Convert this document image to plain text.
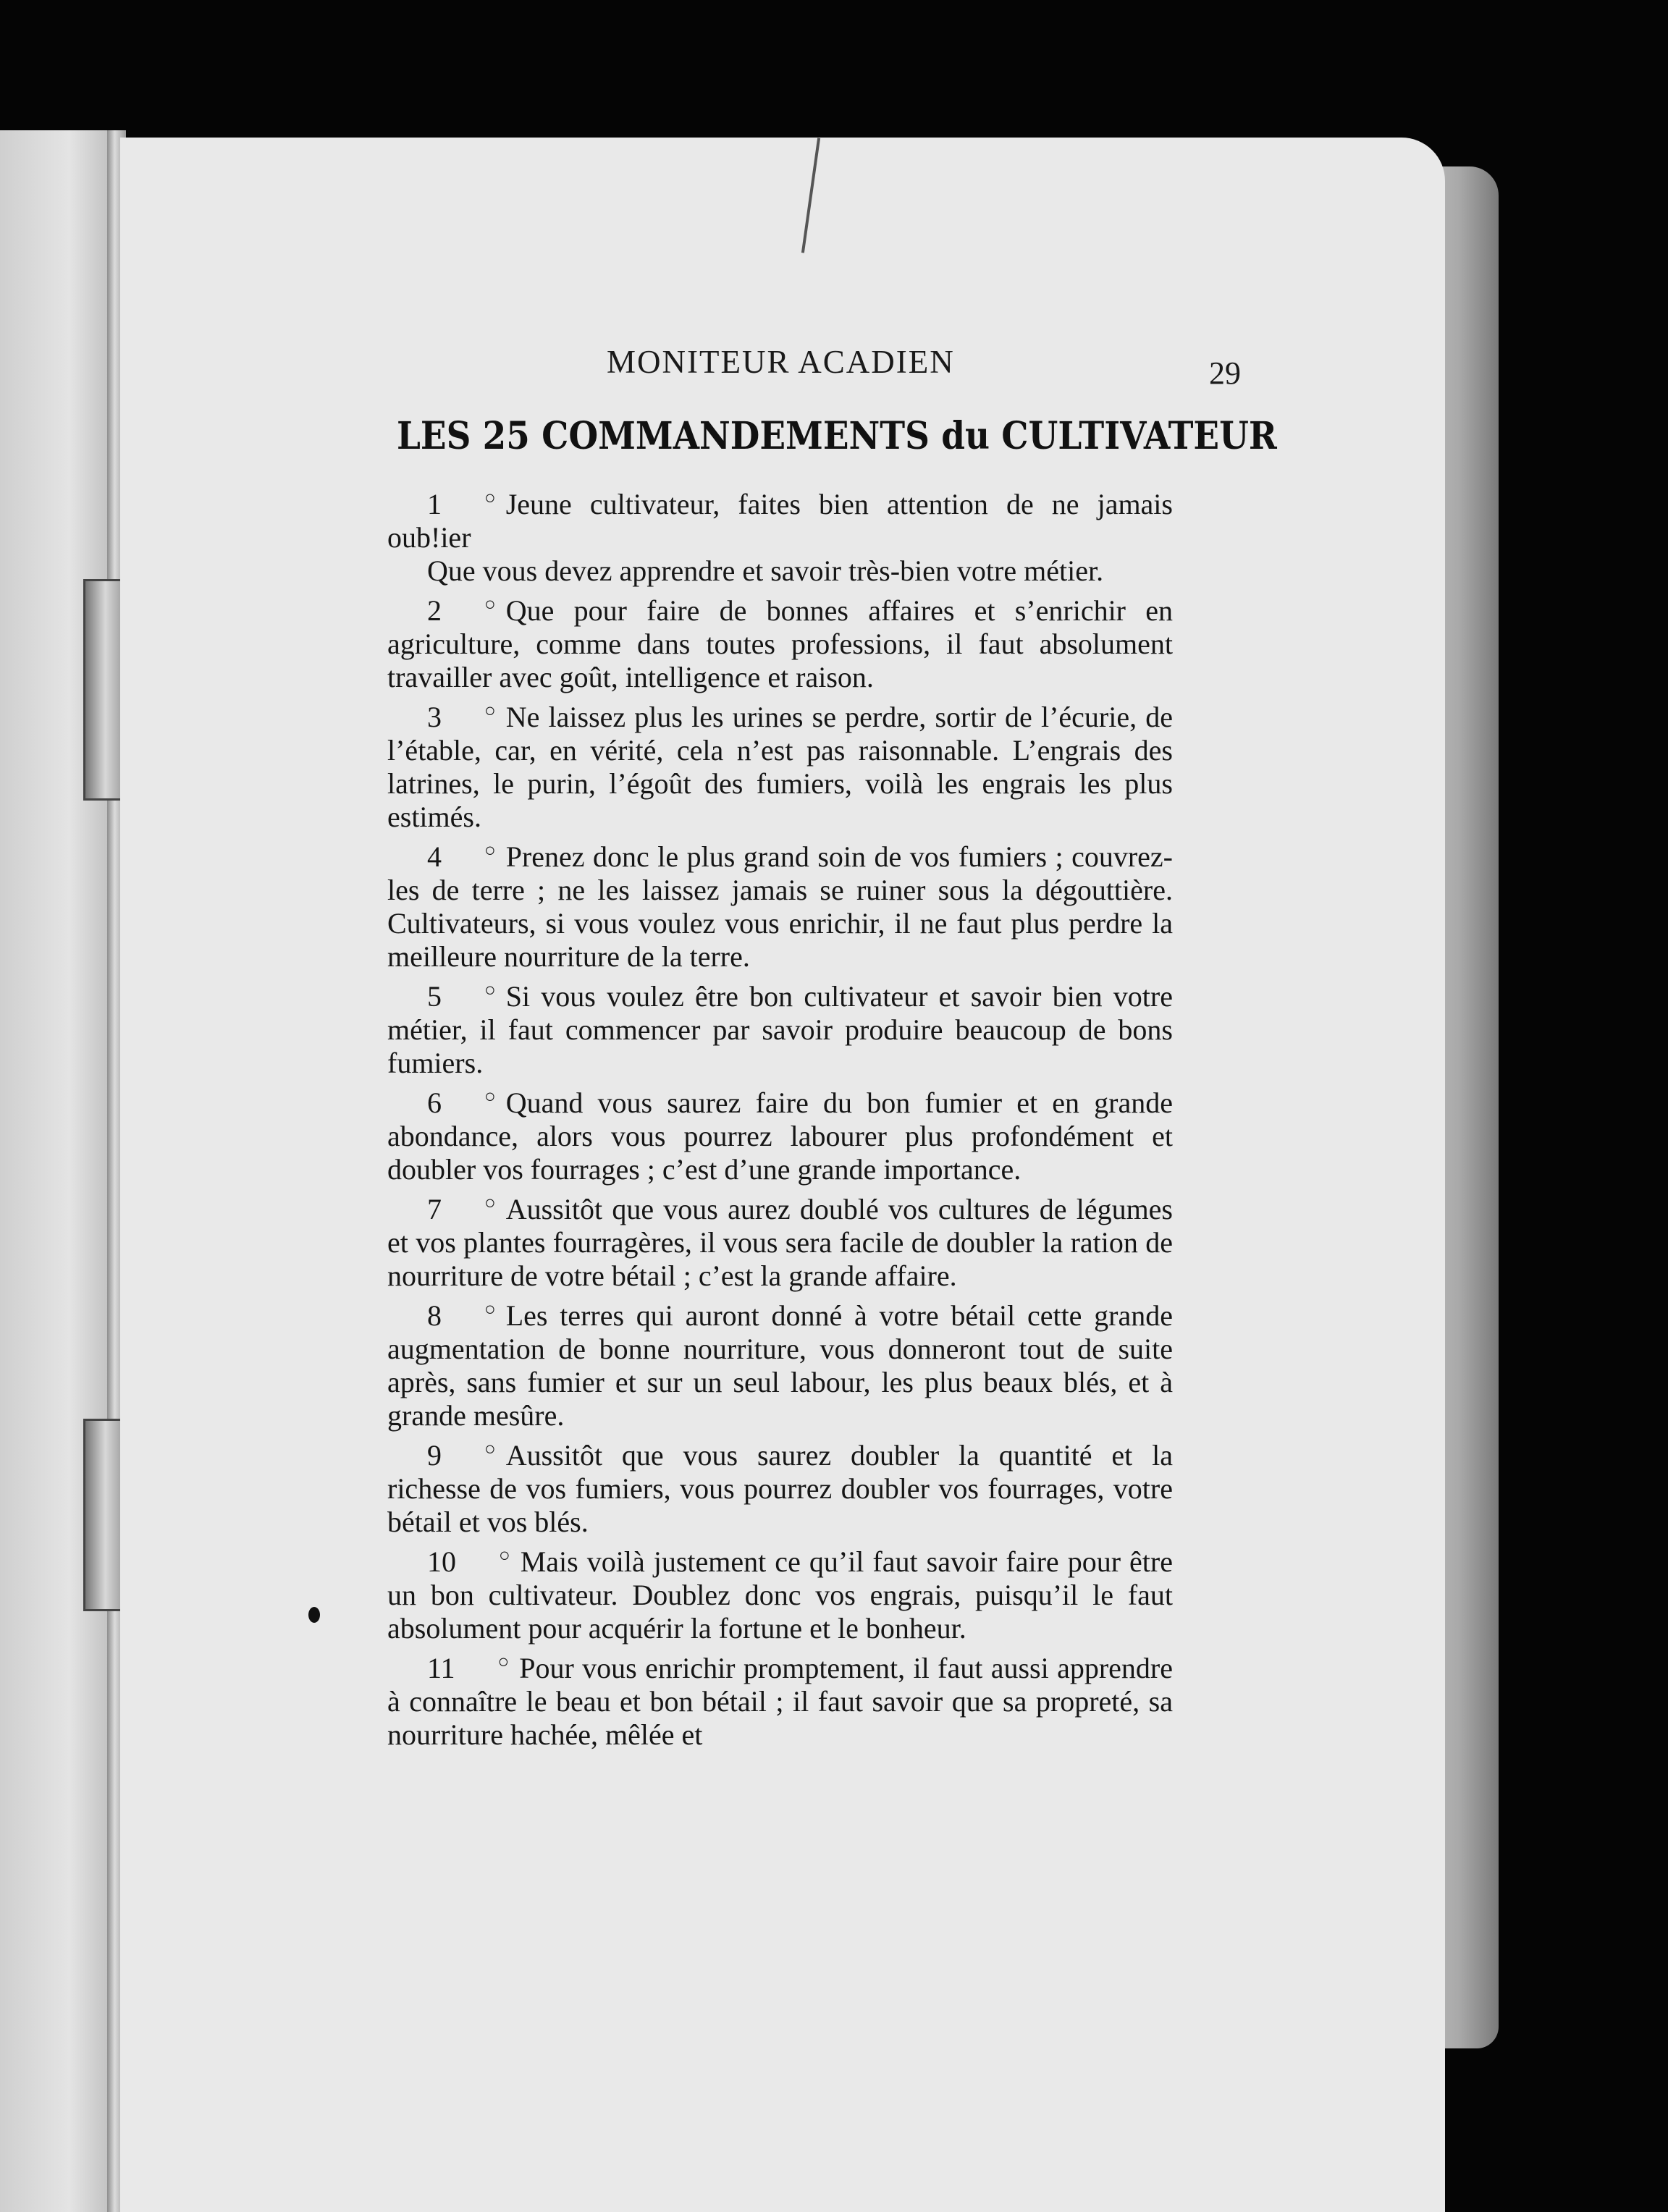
MONITEUR ACADIEN	29
LES 25 COMMANDEMENTS du CULTIVATEUR

1 ○ Jeune cultivateur, faites bien attention de ne jamais oub!ier

Que vous devez apprendre et savoir très-bien votre métier.

2 ○ Que pour faire de bonnes affaires et s’enrichir en agriculture, comme dans toutes professions, il faut absolument travailler avec goût, intelligence et raison.

3 ○ Ne laissez plus les urines se perdre, sortir de l’écurie, de l’étable, car, en vérité, cela n’est pas raisonnable. L’engrais des latrines, le purin, l’égoût des fumiers, voilà les engrais les plus estimés.

4 ○ Prenez donc le plus grand soin de vos fumiers ; couvrez-les de terre ; ne les laissez jamais se ruiner sous la dégouttière. Cultivateurs, si vous voulez vous enrichir, il ne faut plus perdre la meilleure nourriture de la terre.

5 ○ Si vous voulez être bon cultivateur et savoir bien votre métier, il faut commencer par savoir produire beaucoup de bons fumiers.

6 ○ Quand vous saurez faire du bon fumier et en grande abondance, alors vous pourrez labourer plus profondément et doubler vos fourrages ; c’est d’une grande importance.

7 ○ Aussitôt que vous aurez doublé vos cultures de légumes et vos plantes fourragères, il vous sera facile de doubler la ration de nourriture de votre bétail ; c’est la grande affaire.

8 ○ Les terres qui auront donné à votre bétail cette grande augmentation de bonne nourriture, vous donneront tout de suite après, sans fumier et sur un seul labour, les plus beaux blés, et à grande mesûre.

9 ○ Aussitôt que vous saurez doubler la quantité et la richesse de vos fumiers, vous pourrez doubler vos fourrages, votre bétail et vos blés.

10 ○ Mais voilà justement ce qu’il faut savoir faire pour être un bon cultivateur. Doublez donc vos engrais, puisqu’il le faut absolument pour acquérir la fortune et le bonheur.

11 ○ Pour vous enrichir promptement, il faut aussi apprendre à connaître le beau et bon bétail ; il faut savoir que sa propreté, sa nourriture hachée, mêlée et
